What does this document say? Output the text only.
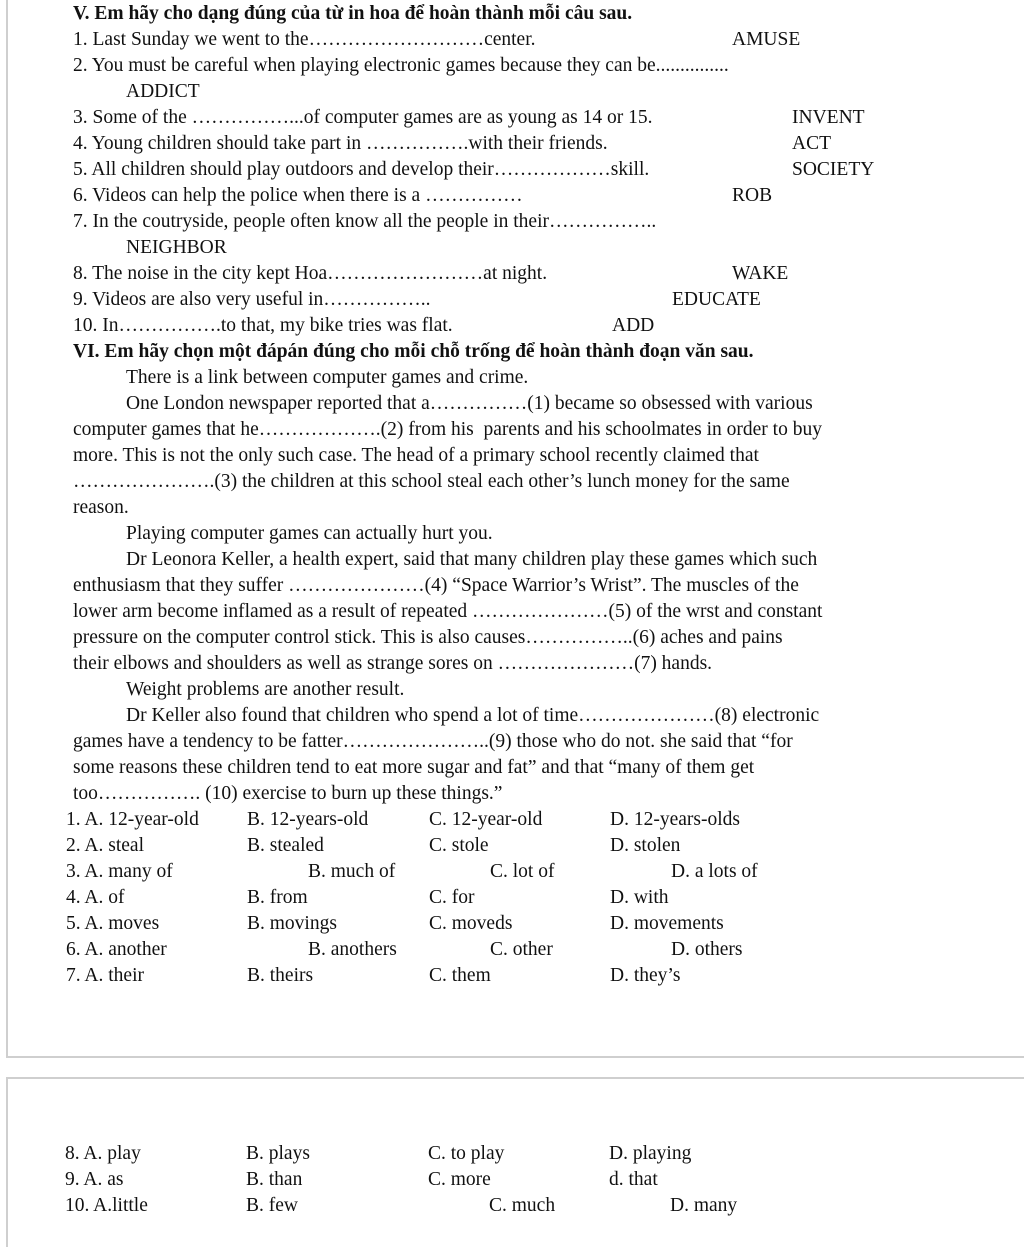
V. Em hãy cho dạng đúng của từ in hoa để hoàn thành mỗi câu sau.
1. Last Sunday we went to the………………………center.	AMUSE
2. You must be careful when playing electronic games because they can be...............
ADDICT
3. Some of the ……………...of computer games are as young as 14 or 15.	INVENT
4. Young children should take part in …………….with their friends.	ACT
5. All children should play outdoors and develop their………………skill.	SOCIETY
6. Videos can help the police when there is a ……………	ROB
7. In the coutryside, people often know all the people in their……………..
NEIGHBOR
8. The noise in the city kept Hoa……………………at night.	WAKE
9. Videos are also very useful in……………..	EDUCATE
10. In…………….to that, my bike tries was flat.	ADD
VI. Em hãy chọn một đápán đúng cho mỗi chỗ trống để hoàn thành đoạn văn sau.
There is a link between computer games and crime.
One London newspaper reported that a……………(1) became so obsessed with various
computer games that he……………….(2) from his  parents and his schoolmates in order to buy
more. This is not the only such case. The head of a primary school recently claimed that
………………….(3) the children at this school steal each other’s lunch money for the same
reason.
Playing computer games can actually hurt you.
Dr Leonora Keller, a health expert, said that many children play these games which such
enthusiasm that they suffer …………………(4) “Space Warrior’s Wrist”. The muscles of the
lower arm become inflamed as a result of repeated …………………(5) of the wrst and constant
pressure on the computer control stick. This is also causes……………..(6) aches and pains
their elbows and shoulders as well as strange sores on …………………(7) hands.
Weight problems are another result.
Dr Keller also found that children who spend a lot of time…………………(8) electronic
games have a tendency to be fatter…………………..(9) those who do not. she said that “for
some reasons these children tend to eat more sugar and fat” and that “many of them get
too……………. (10) exercise to burn up these things.”
1. A. 12-year-old B. 12-years-old	C. 12-year-old	D. 12-years-olds
2. A. steal	B. stealed	C. stole	D. stolen
3. A. many of	B. much of	C. lot of	D. a lots of
4. A. of	B. from	C. for	D. with
5. A. moves	B. movings	C. moveds	D. movements
6. A. another	B. anothers	C. other	D. others
7. A. their	B. theirs	C. them	D. they’s
8. A. play	B. plays	C. to play	D. playing
9. A. as	B. than	C. more	d. that
10. A.little	B. few	C. much	D. many
